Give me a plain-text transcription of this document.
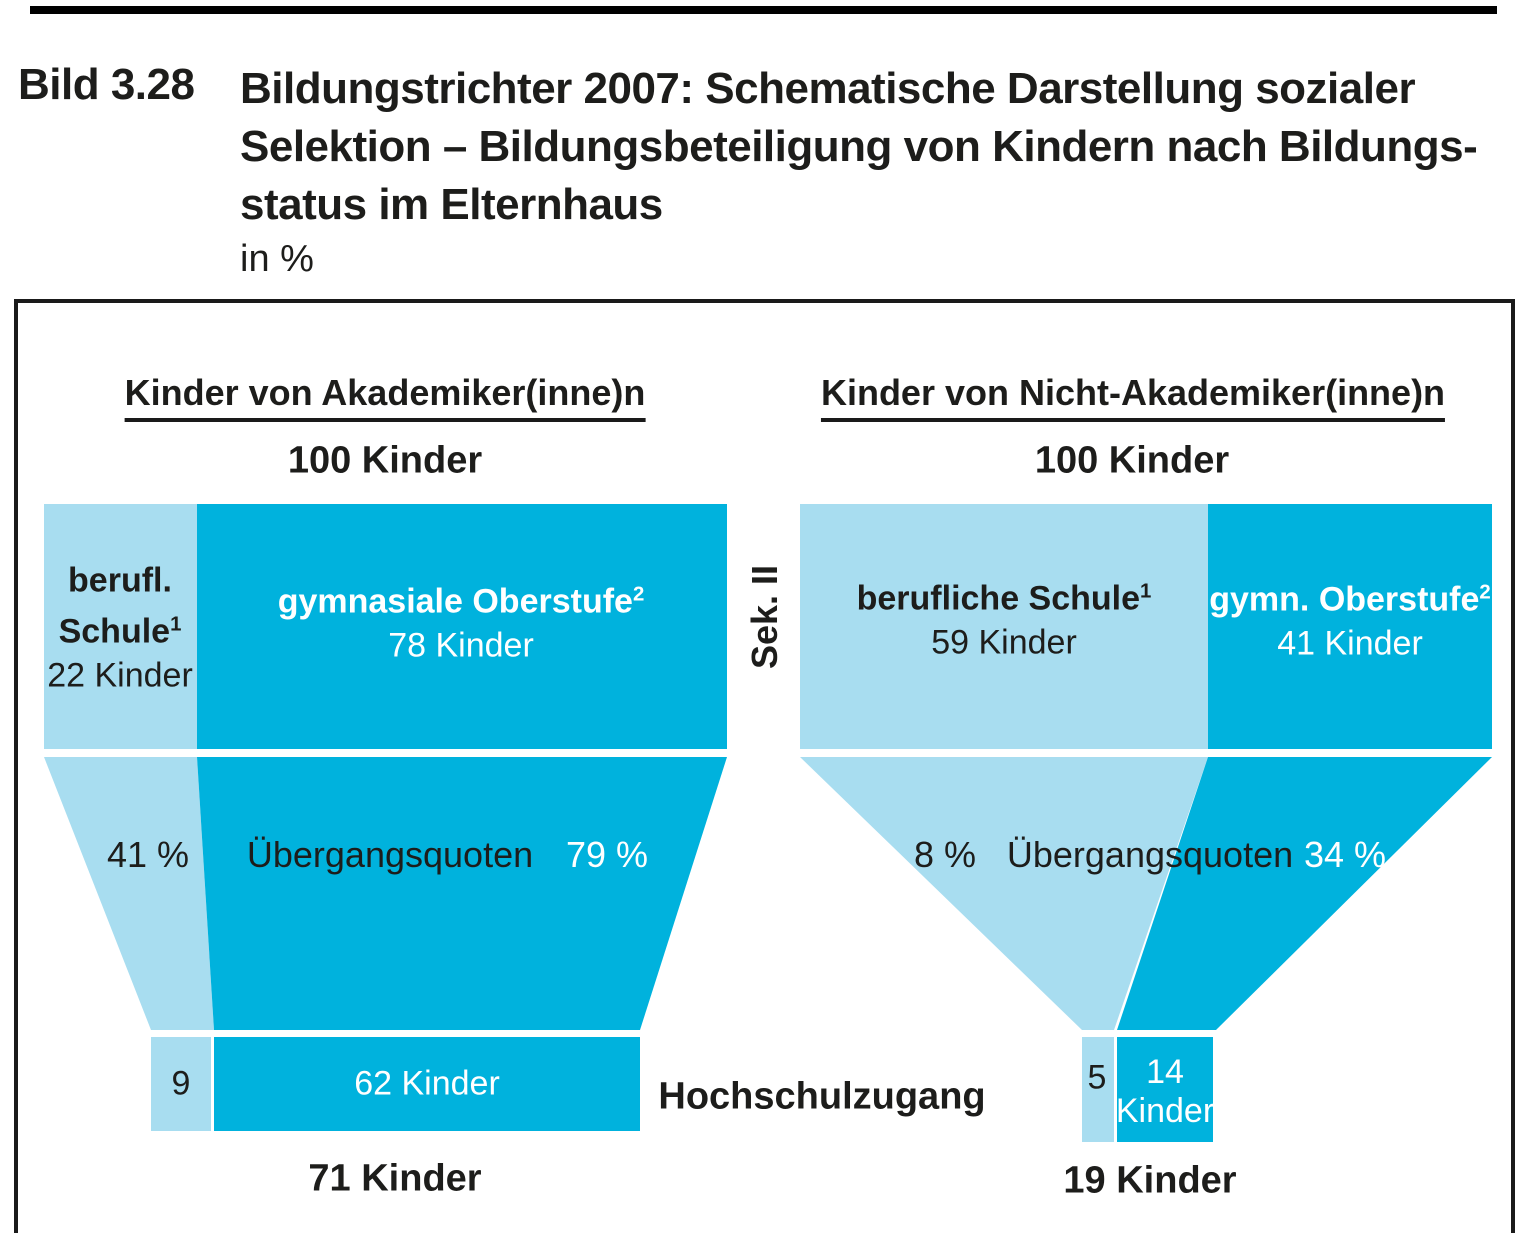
Bild 3.28 Bildungstrichter 2007: Schematische Darstellung sozialer
Selektion – Bildungsbeteiligung von Kindern nach Bildungs-
status im Elternhaus
in %
Kinder von Akademiker(inne)n
100 Kinder
berufl.
Schule$^1$
22 Kinder
gymnasiale Oberstufe$^2$
78 Kinder
41 % Übergangsquoten 79 %
9	62 Kinder
71 Kinder
Sek. II
Hochschulzugang
Kinder von Nicht-Akademiker(inne)n
100 Kinder
berufliche Schule$^1$
59 Kinder
gymn. Oberstufe$^2$
41 Kinder
8 % Übergangsquoten 34 %
5	14
Kinder
19 Kinder
